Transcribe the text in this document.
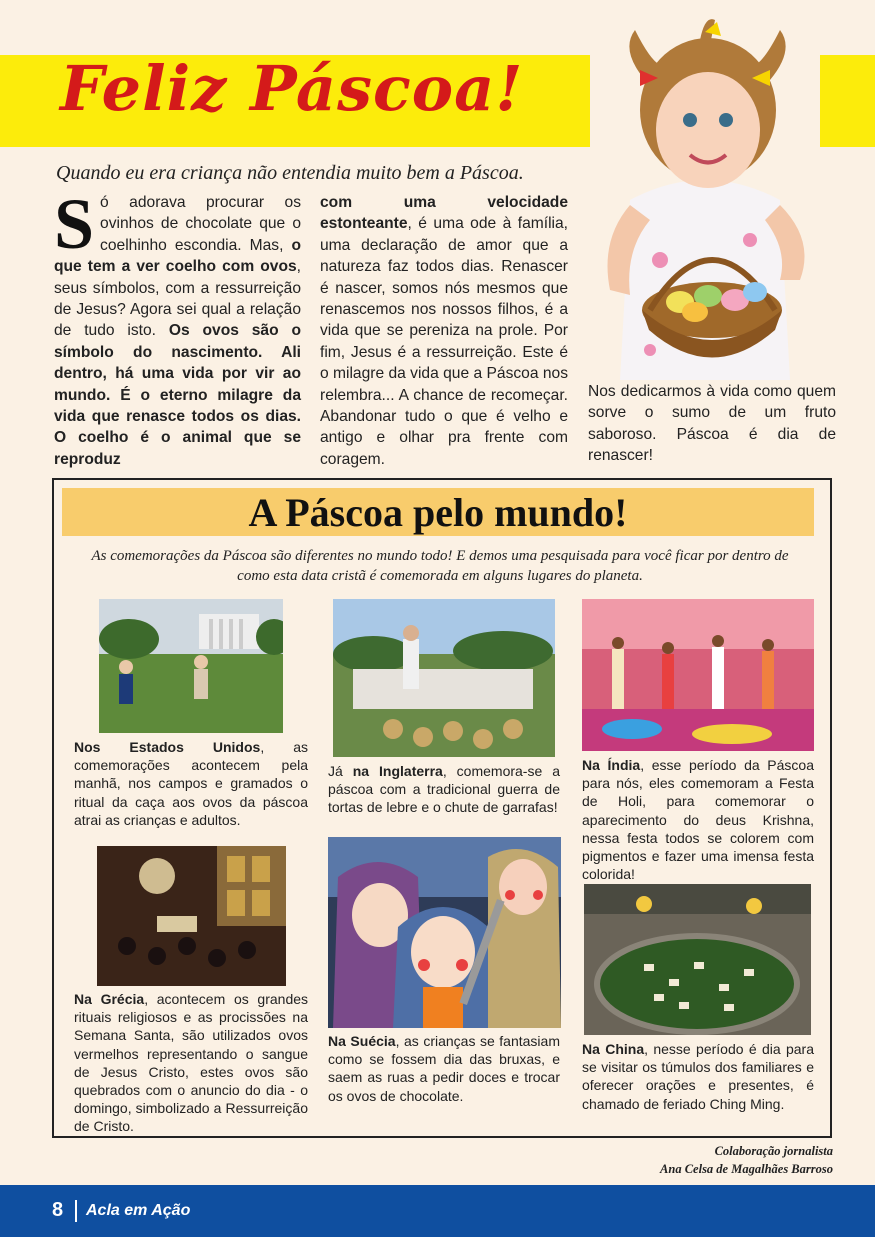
Feliz Páscoa!
Quando eu era criança não entendia muito bem a Páscoa.
Só adorava procurar os ovinhos de chocolate que o coelhinho escondia. Mas, o que tem a ver coelho com ovos, seus símbolos, com a ressurreição de Jesus? Agora sei qual a relação de tudo isto. Os ovos são o símbolo do nascimento. Ali dentro, há uma vida por vir ao mundo. É o eterno milagre da vida que renasce todos os dias. O coelho é o animal que se reproduz
com uma velocidade estonteante, é uma ode à família, uma declaração de amor que a natureza faz todos dias. Renascer é nascer, somos nós mesmos que renascemos nos nossos filhos, é a vida que se pereniza na prole. Por fim, Jesus é a ressurreição. Este é o milagre da vida que a Páscoa nos relembra... A chance de recomeçar. Abandonar tudo o que é velho e antigo e olhar pra frente com coragem.
Nos dedicarmos à vida como quem sorve o sumo de um fruto saboroso. Páscoa é dia de renascer!
A Páscoa pelo mundo!
As comemorações da Páscoa são diferentes no mundo todo! E demos uma pesquisada para você ficar por dentro de como esta data cristã é comemorada em alguns lugares do planeta.
Nos Estados Unidos, as comemorações acontecem pela manhã, nos campos e gramados o ritual da caça aos ovos da páscoa atrai as crianças e adultos.
Já na Inglaterra, comemora-se a páscoa com a tradicional guerra de tortas de lebre e o chute de garrafas!
Na Índia, esse período da Páscoa para nós, eles comemoram a Festa de Holi, para comemorar o aparecimento do deus Krishna, nessa festa todos se colorem com pigmentos e fazer uma imensa festa colorida!
Na Grécia, acontecem os grandes rituais religiosos e as procissões na Semana Santa, são utilizados ovos vermelhos representando o sangue de Jesus Cristo, estes ovos são quebrados com o anuncio do dia - o domingo, simbolizado a Ressurreição de Cristo.
Na Suécia, as crianças se fantasiam como se fossem dia das bruxas, e saem as ruas a pedir doces e trocar os ovos de chocolate.
Na China, nesse período é dia para se visitar os túmulos dos familiares e oferecer orações e presentes, é chamado de feriado Ching Ming.
Colaboração jornalista
Ana Celsa de Magalhães Barroso
8 Acla em Ação
